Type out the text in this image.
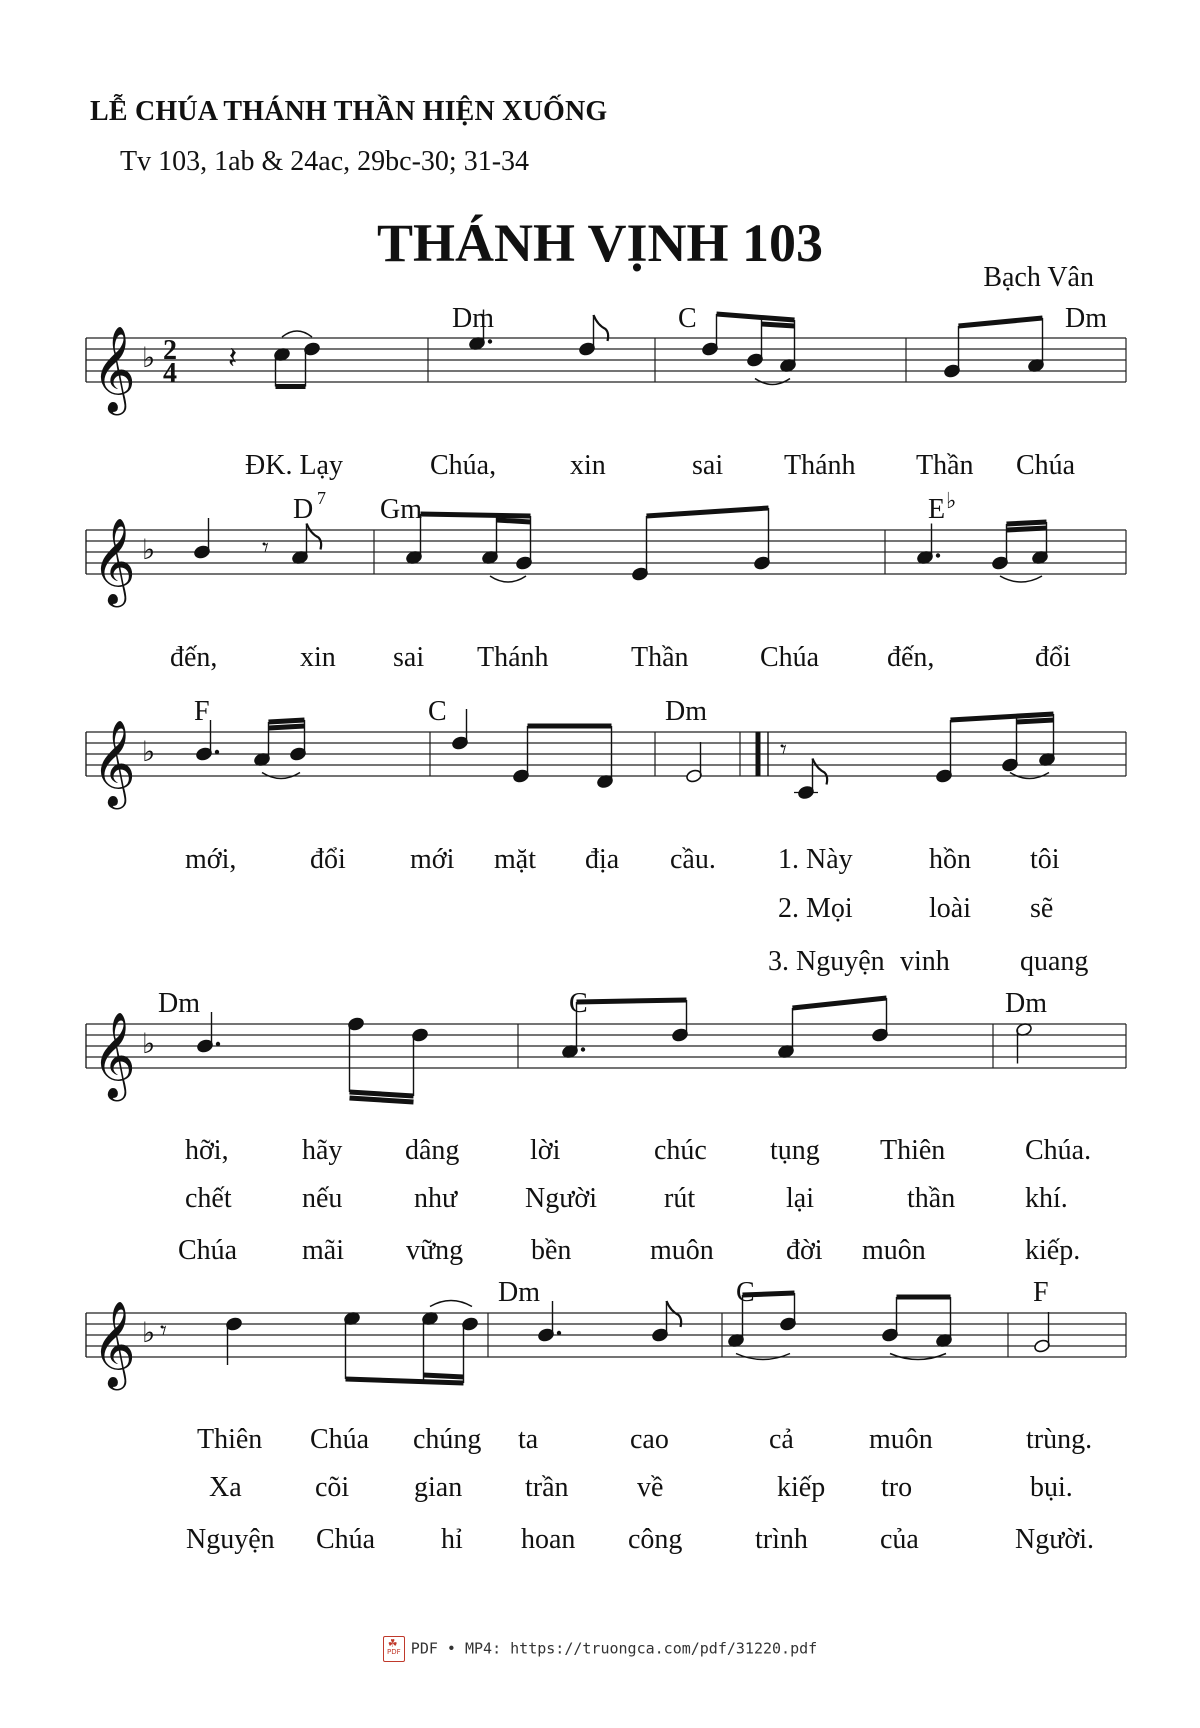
LỄ CHÚA THÁNH THẦN HIỆN XUỐNG
Tv 103, 1ab & 24ac, 29bc-30; 31-34
THÁNH VỊNH 103
Bạch Vân
𝄞 ♭
𝄞 ♭
𝄞 ♭
𝄞 ♭
𝄞 ♭
2
4 𝄽
𝄾
𝄾
𝄾
Dm	C	Dm
D 7 Gm	E ♭
F	C	Dm
Dm	C	Dm
Dm	C	F
ĐK. Lạy	Chúa,	xin	sai Thánh Thần Chúa
đến,	xin sai Thánh	Thần	Chúa đến,	đổi
mới,	đổi mới mặt địa cầu. 1. Này	hồn tôi
2. Mọi	loài sẽ
3. Nguyện vinh	quang
hỡi,	hãy dâng	lời	chúc tụng Thiên	Chúa.
chết	nếu	như Người rút	lại	thần khí.
Chúa mãi vững bền	muôn	đời muôn	kiếp.
Thiên Chúa chúng ta	cao	cả	muôn	trùng.
Xa	cõi gian trần về	kiếp tro	bụi.
Nguyện Chúa hỉ hoan công	trình	của	Người.
☘ PDF PDF • MP4: https://truongca.com/pdf/31220.pdf
